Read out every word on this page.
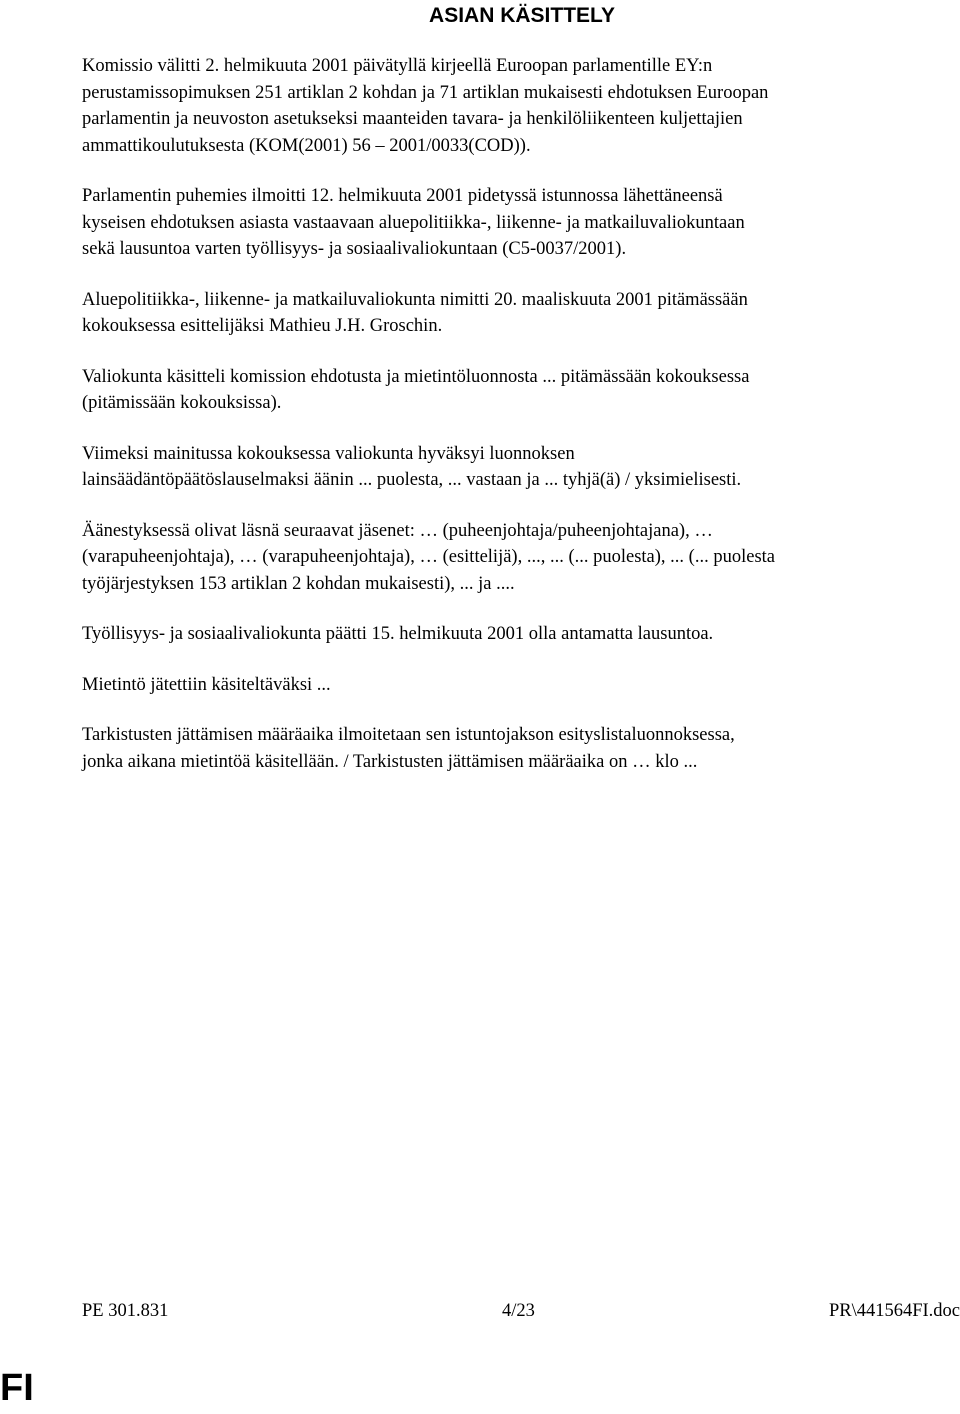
ASIAN KÄSITTELY

Komissio välitti 2. helmikuuta 2001 päivätyllä kirjeellä Euroopan parlamentille EY:n
perustamissopimuksen 251 artiklan 2 kohdan ja 71 artiklan mukaisesti ehdotuksen Euroopan
parlamentin ja neuvoston asetukseksi maanteiden tavara- ja henkilöliikenteen kuljettajien
ammattikoulutuksesta (KOM(2001) 56 – 2001/0033(COD)).

Parlamentin puhemies ilmoitti 12. helmikuuta 2001 pidetyssä istunnossa lähettäneensä
kyseisen ehdotuksen asiasta vastaavaan aluepolitiikka-, liikenne- ja matkailuvaliokuntaan
sekä lausuntoa varten työllisyys- ja sosiaalivaliokuntaan (C5-0037/2001).

Aluepolitiikka-, liikenne- ja matkailuvaliokunta nimitti 20. maaliskuuta 2001 pitämässään
kokouksessa esittelijäksi Mathieu J.H. Groschin.

Valiokunta käsitteli komission ehdotusta ja mietintöluonnosta ... pitämässään kokouksessa
(pitämissään kokouksissa).

Viimeksi mainitussa kokouksessa valiokunta hyväksyi luonnoksen
lainsäädäntöpäätöslauselmaksi äänin ... puolesta, ... vastaan ja ... tyhjä(ä) / yksimielisesti.

Äänestyksessä olivat läsnä seuraavat jäsenet: … (puheenjohtaja/puheenjohtajana), …
(varapuheenjohtaja), … (varapuheenjohtaja), … (esittelijä), ..., ... (... puolesta), ... (... puolesta
työjärjestyksen 153 artiklan 2 kohdan mukaisesti), ... ja ....

Työllisyys- ja sosiaalivaliokunta päätti 15. helmikuuta 2001 olla antamatta lausuntoa.

Mietintö jätettiin käsiteltäväksi ...

Tarkistusten jättämisen määräaika ilmoitetaan sen istuntojakson esityslistaluonnoksessa,
jonka aikana mietintöä käsitellään. / Tarkistusten jättämisen määräaika on … klo ...

PE 301.831	4/23	PR\441564FI.doc
FI
